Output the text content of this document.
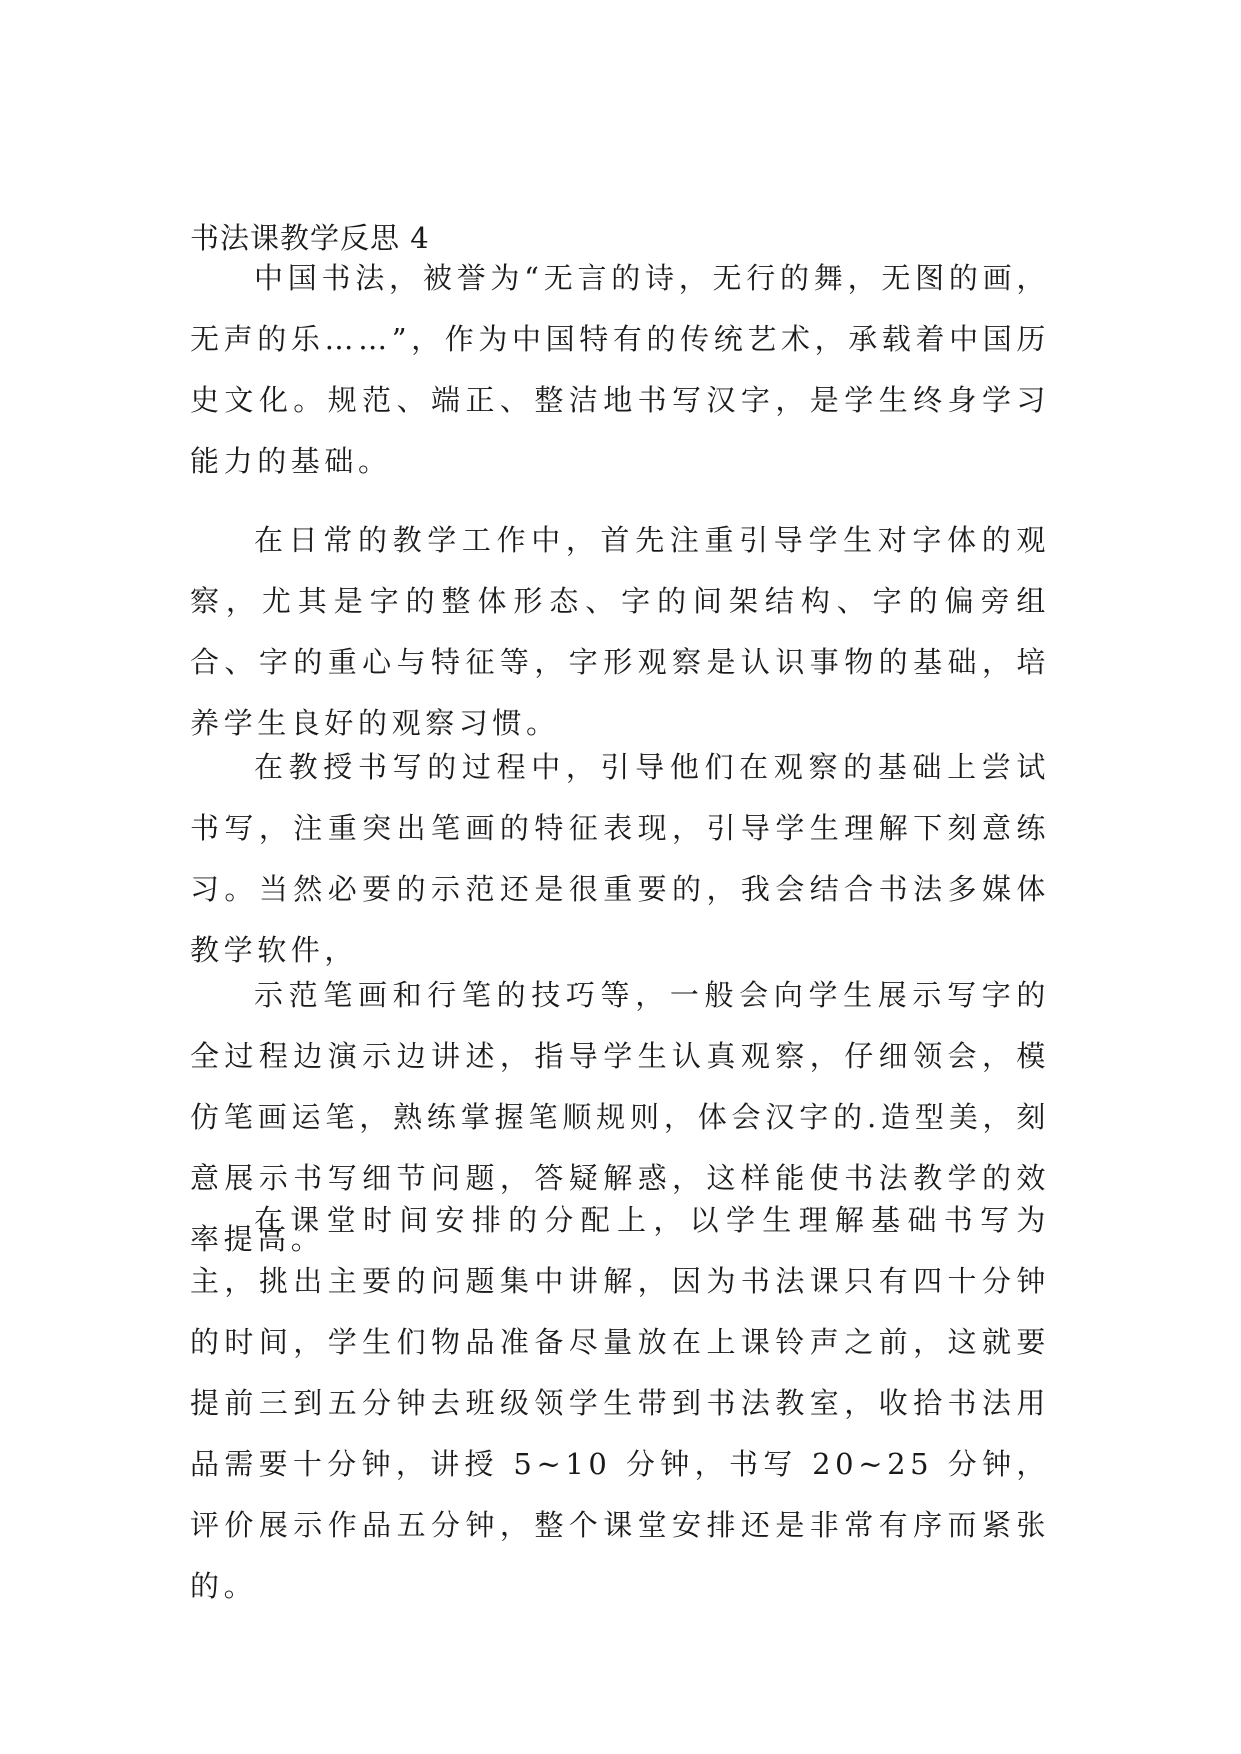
书法课教学反思 4

中国书法，被誉为“无言的诗，无行的舞，无图的画，无声的乐……”，作为中国特有的传统艺术，承载着中国历史文化。规范、端正、整洁地书写汉字，是学生终身学习能力的基础。

在日常的教学工作中，首先注重引导学生对字体的观察，尤其是字的整体形态、字的间架结构、字的偏旁组合、字的重心与特征等，字形观察是认识事物的基础，培养学生良好的观察习惯。

在教授书写的过程中，引导他们在观察的基础上尝试书写，注重突出笔画的特征表现，引导学生理解下刻意练习。当然必要的示范还是很重要的，我会结合书法多媒体教学软件，

示范笔画和行笔的技巧等，一般会向学生展示写字的全过程边演示边讲述，指导学生认真观察，仔细领会，模仿笔画运笔，熟练掌握笔顺规则，体会汉字的.造型美，刻意展示书写细节问题，答疑解惑，这样能使书法教学的效率提高。

在课堂时间安排的分配上，以学生理解基础书写为主，挑出主要的问题集中讲解，因为书法课只有四十分钟的时间，学生们物品准备尽量放在上课铃声之前，这就要提前三到五分钟去班级领学生带到书法教室，收拾书法用品需要十分钟，讲授 5~10 分钟，书写 20~25 分钟，评价展示作品五分钟，整个课堂安排还是非常有序而紧张的。
